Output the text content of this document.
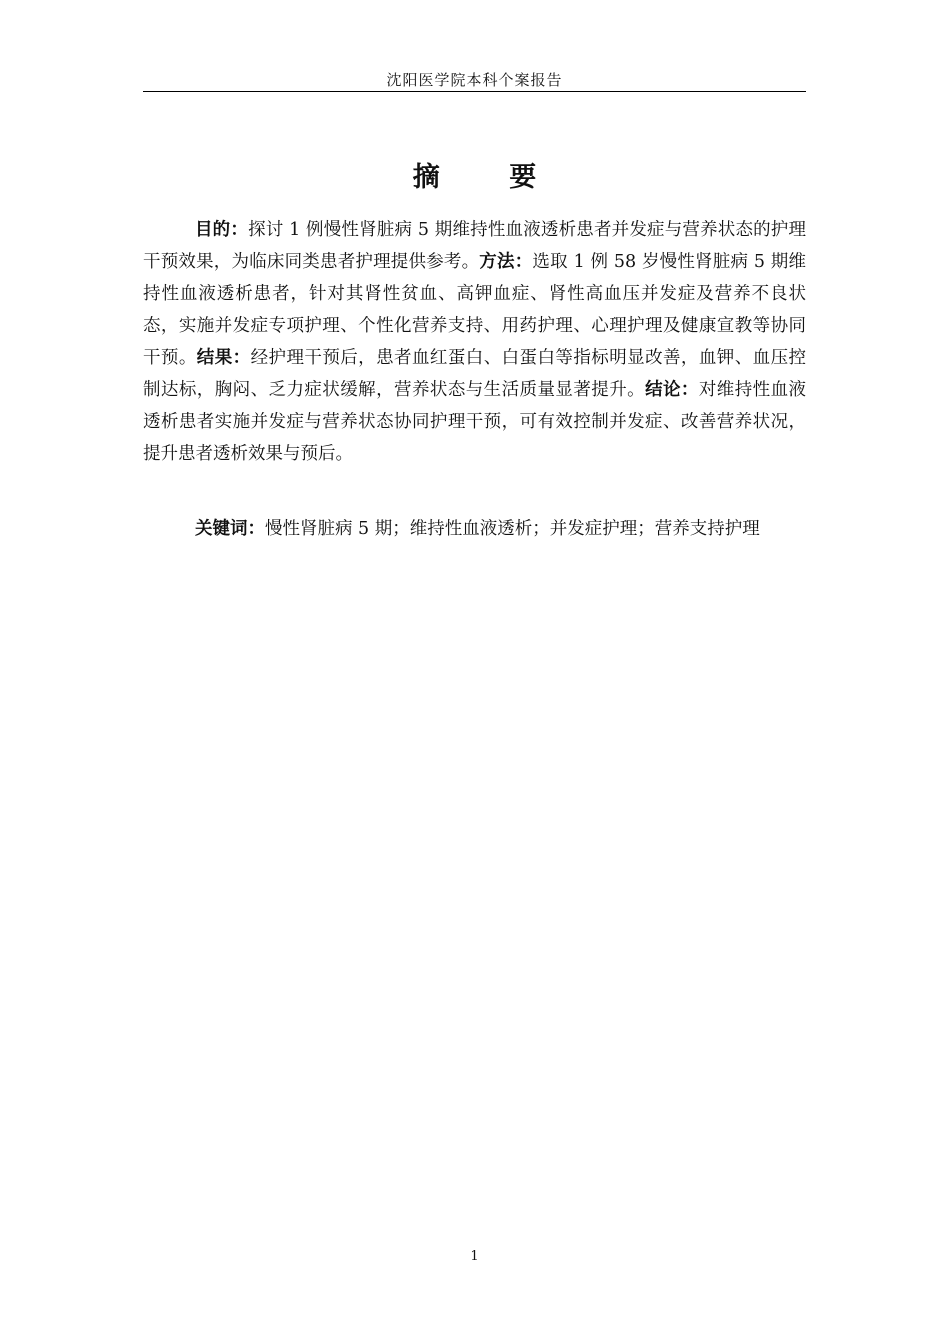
沈阳医学院本科个案报告
摘 要

目的：探讨 1 例慢性肾脏病 5 期维持性血液透析患者并发症与营养状态的护理干预效果，为临床同类患者护理提供参考。方法：选取 1 例 58 岁慢性肾脏病 5 期维持性血液透析患者，针对其肾性贫血、高钾血症、肾性高血压并发症及营养不良状态，实施并发症专项护理、个性化营养支持、用药护理、心理护理及健康宣教等协同干预。结果：经护理干预后，患者血红蛋白、白蛋白等指标明显改善，血钾、血压控制达标，胸闷、乏力症状缓解，营养状态与生活质量显著提升。结论：对维持性血液透析患者实施并发症与营养状态协同护理干预，可有效控制并发症、改善营养状况，提升患者透析效果与预后。

关键词：慢性肾脏病 5 期；维持性血液透析；并发症护理；营养支持护理

1
